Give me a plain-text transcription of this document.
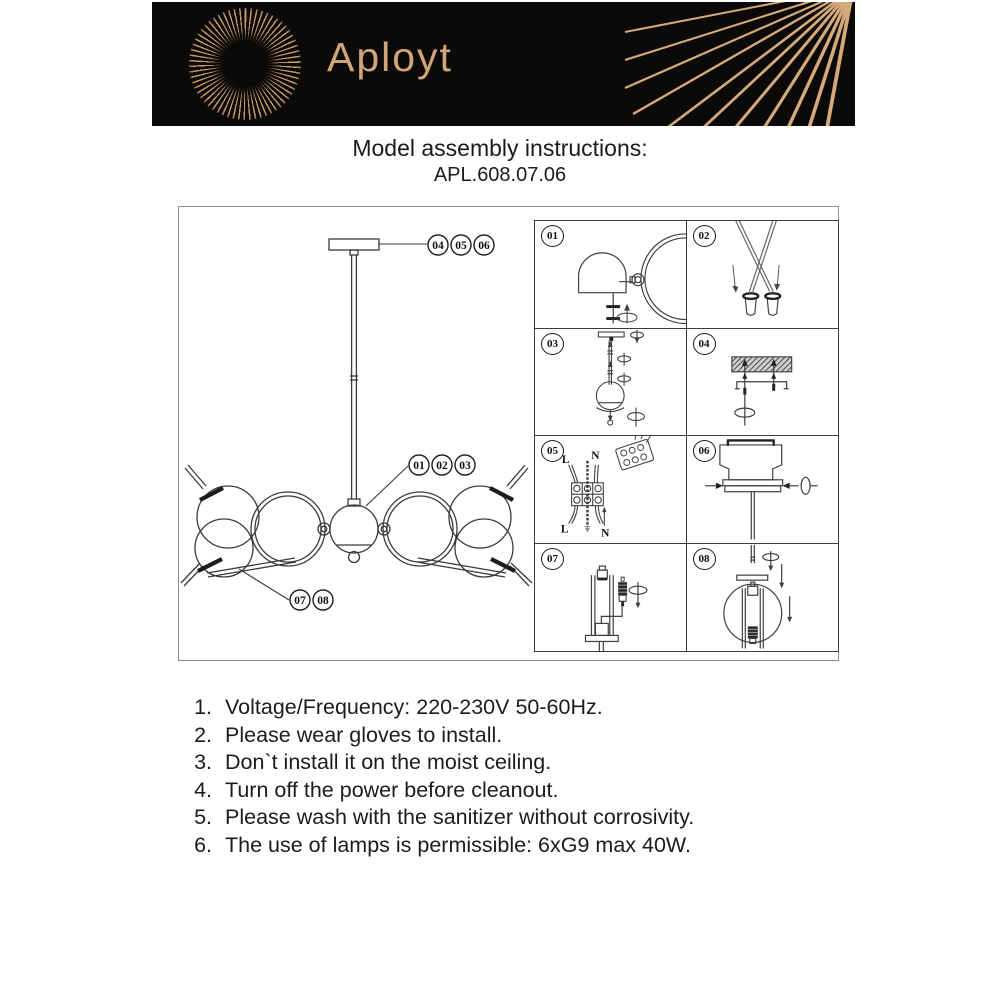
Aployt
Model assembly instructions:
APL.608.07.06
04 05 06
01 02 03
07 08
01	02
03	04
05
L N
L	N
06
07	08
1. Voltage/Frequency: 220-230V 50-60Hz.
2. Please wear gloves to install.
3. Don`t install it on the moist ceiling.
4. Turn off the power before cleanout.
5. Please wash with the sanitizer without corrosivity.
6. The use of lamps is permissible: 6xG9 max 40W.
